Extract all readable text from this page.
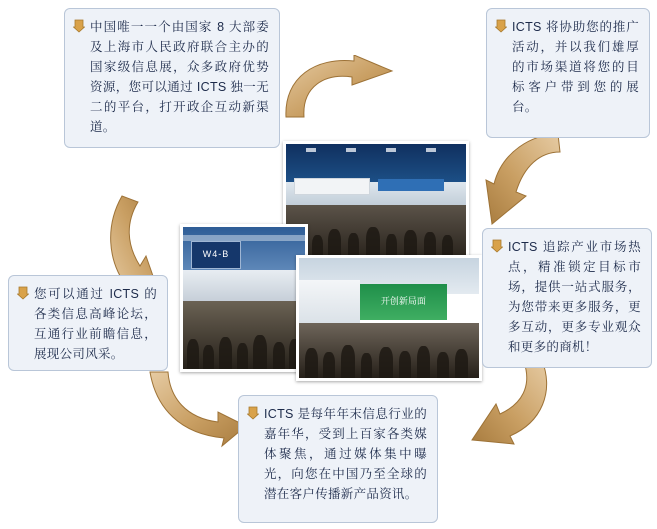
W4-B
开创新局面
中国唯一一个由国家 8 大部委及上海市人民政府联合主办的国家级信息展，众多政府优势资源，您可以通过 ICTS 独一无二的平台，打开政企互动新渠道。
ICTS 将协助您的推广活动，并以我们雄厚的市场渠道将您的目标客户带到您的展台。
ICTS 追踪产业市场热点，精准锁定目标市场，提供一站式服务，为您带来更多服务，更多互动，更多专业观众和更多的商机！
ICTS 是每年年末信息行业的嘉年华，受到上百家各类媒体聚焦，通过媒体集中曝光，向您在中国乃至全球的潜在客户传播新产品资讯。
您可以通过 ICTS 的各类信息高峰论坛，互通行业前瞻信息，展现公司风采。
